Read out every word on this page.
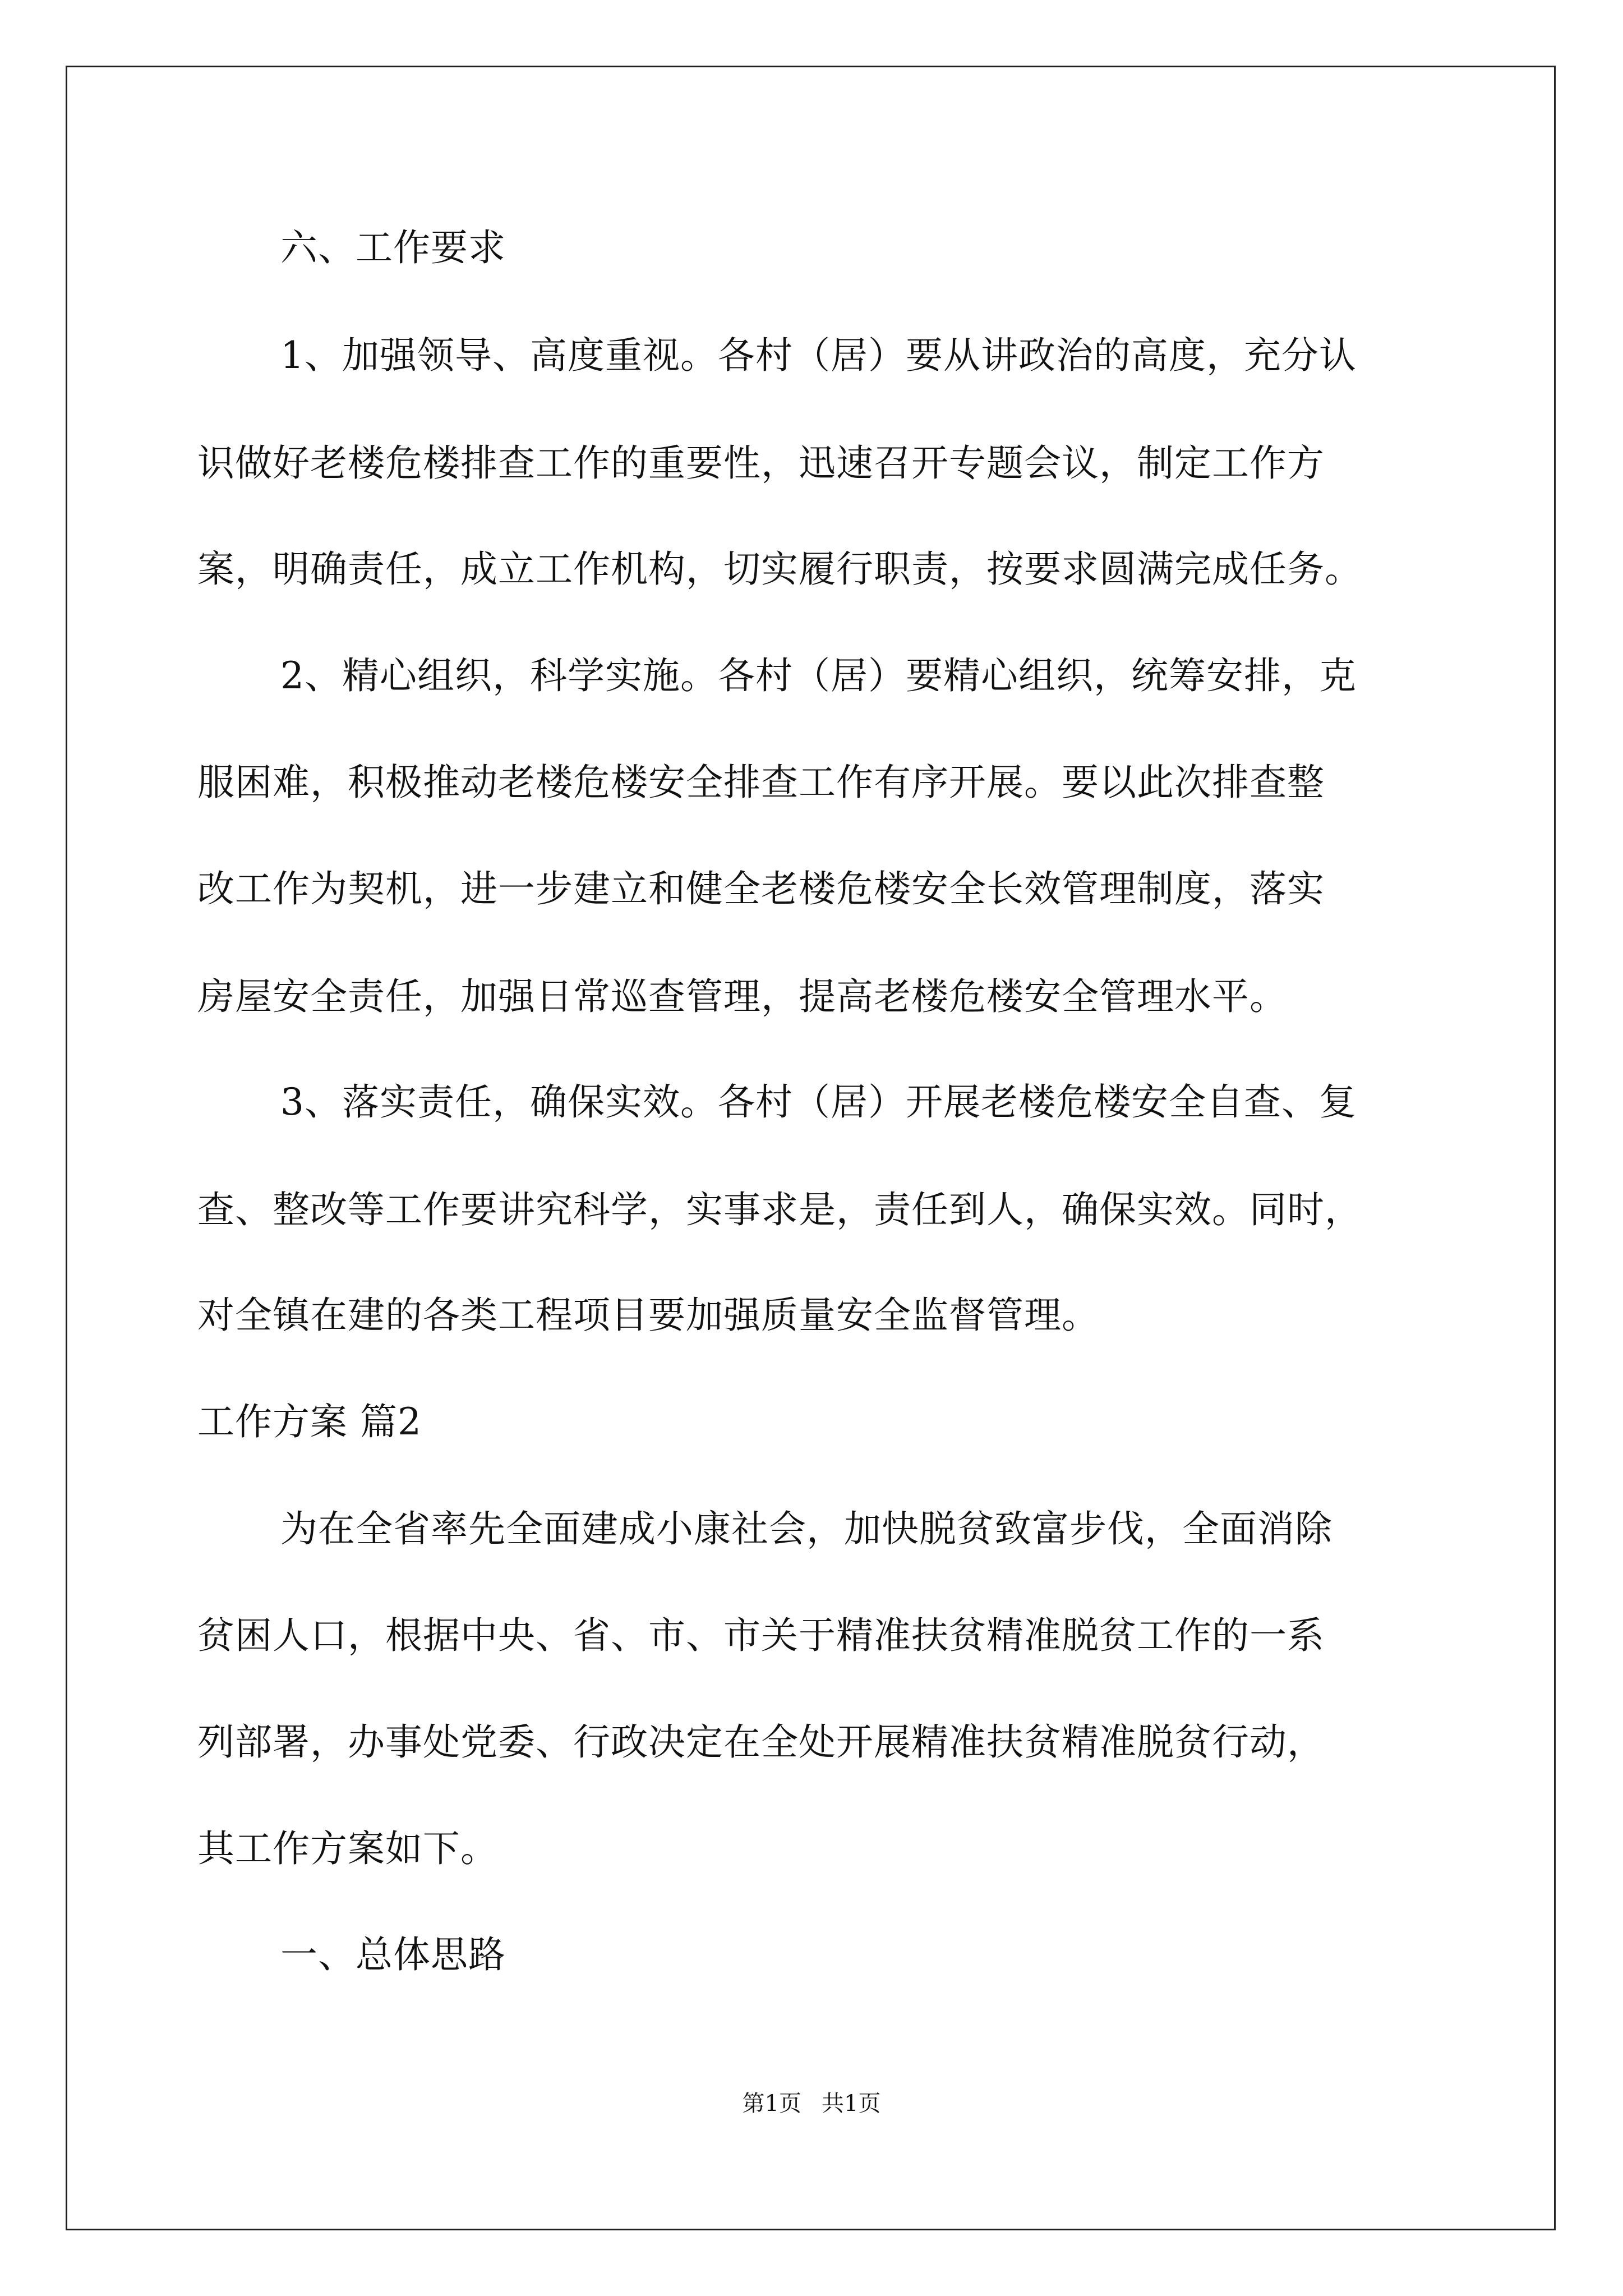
六、工作要求
1、加强领导、高度重视。各村（居）要从讲政治的高度，充分认
识做好老楼危楼排查工作的重要性，迅速召开专题会议，制定工作方
案，明确责任，成立工作机构，切实履行职责，按要求圆满完成任务。
2、精心组织，科学实施。各村（居）要精心组织，统筹安排，克
服困难，积极推动老楼危楼安全排查工作有序开展。要以此次排查整
改工作为契机，进一步建立和健全老楼危楼安全长效管理制度，落实
房屋安全责任，加强日常巡查管理，提高老楼危楼安全管理水平。
3、落实责任，确保实效。各村（居）开展老楼危楼安全自查、复
查、整改等工作要讲究科学，实事求是，责任到人，确保实效。同时，
对全镇在建的各类工程项目要加强质量安全监督管理。
工作方案 篇2
为在全省率先全面建成小康社会，加快脱贫致富步伐，全面消除
贫困人口，根据中央、省、市、市关于精准扶贫精准脱贫工作的一系
列部署，办事处党委、行政决定在全处开展精准扶贫精准脱贫行动，
其工作方案如下。
一、总体思路
第1页 共1页
